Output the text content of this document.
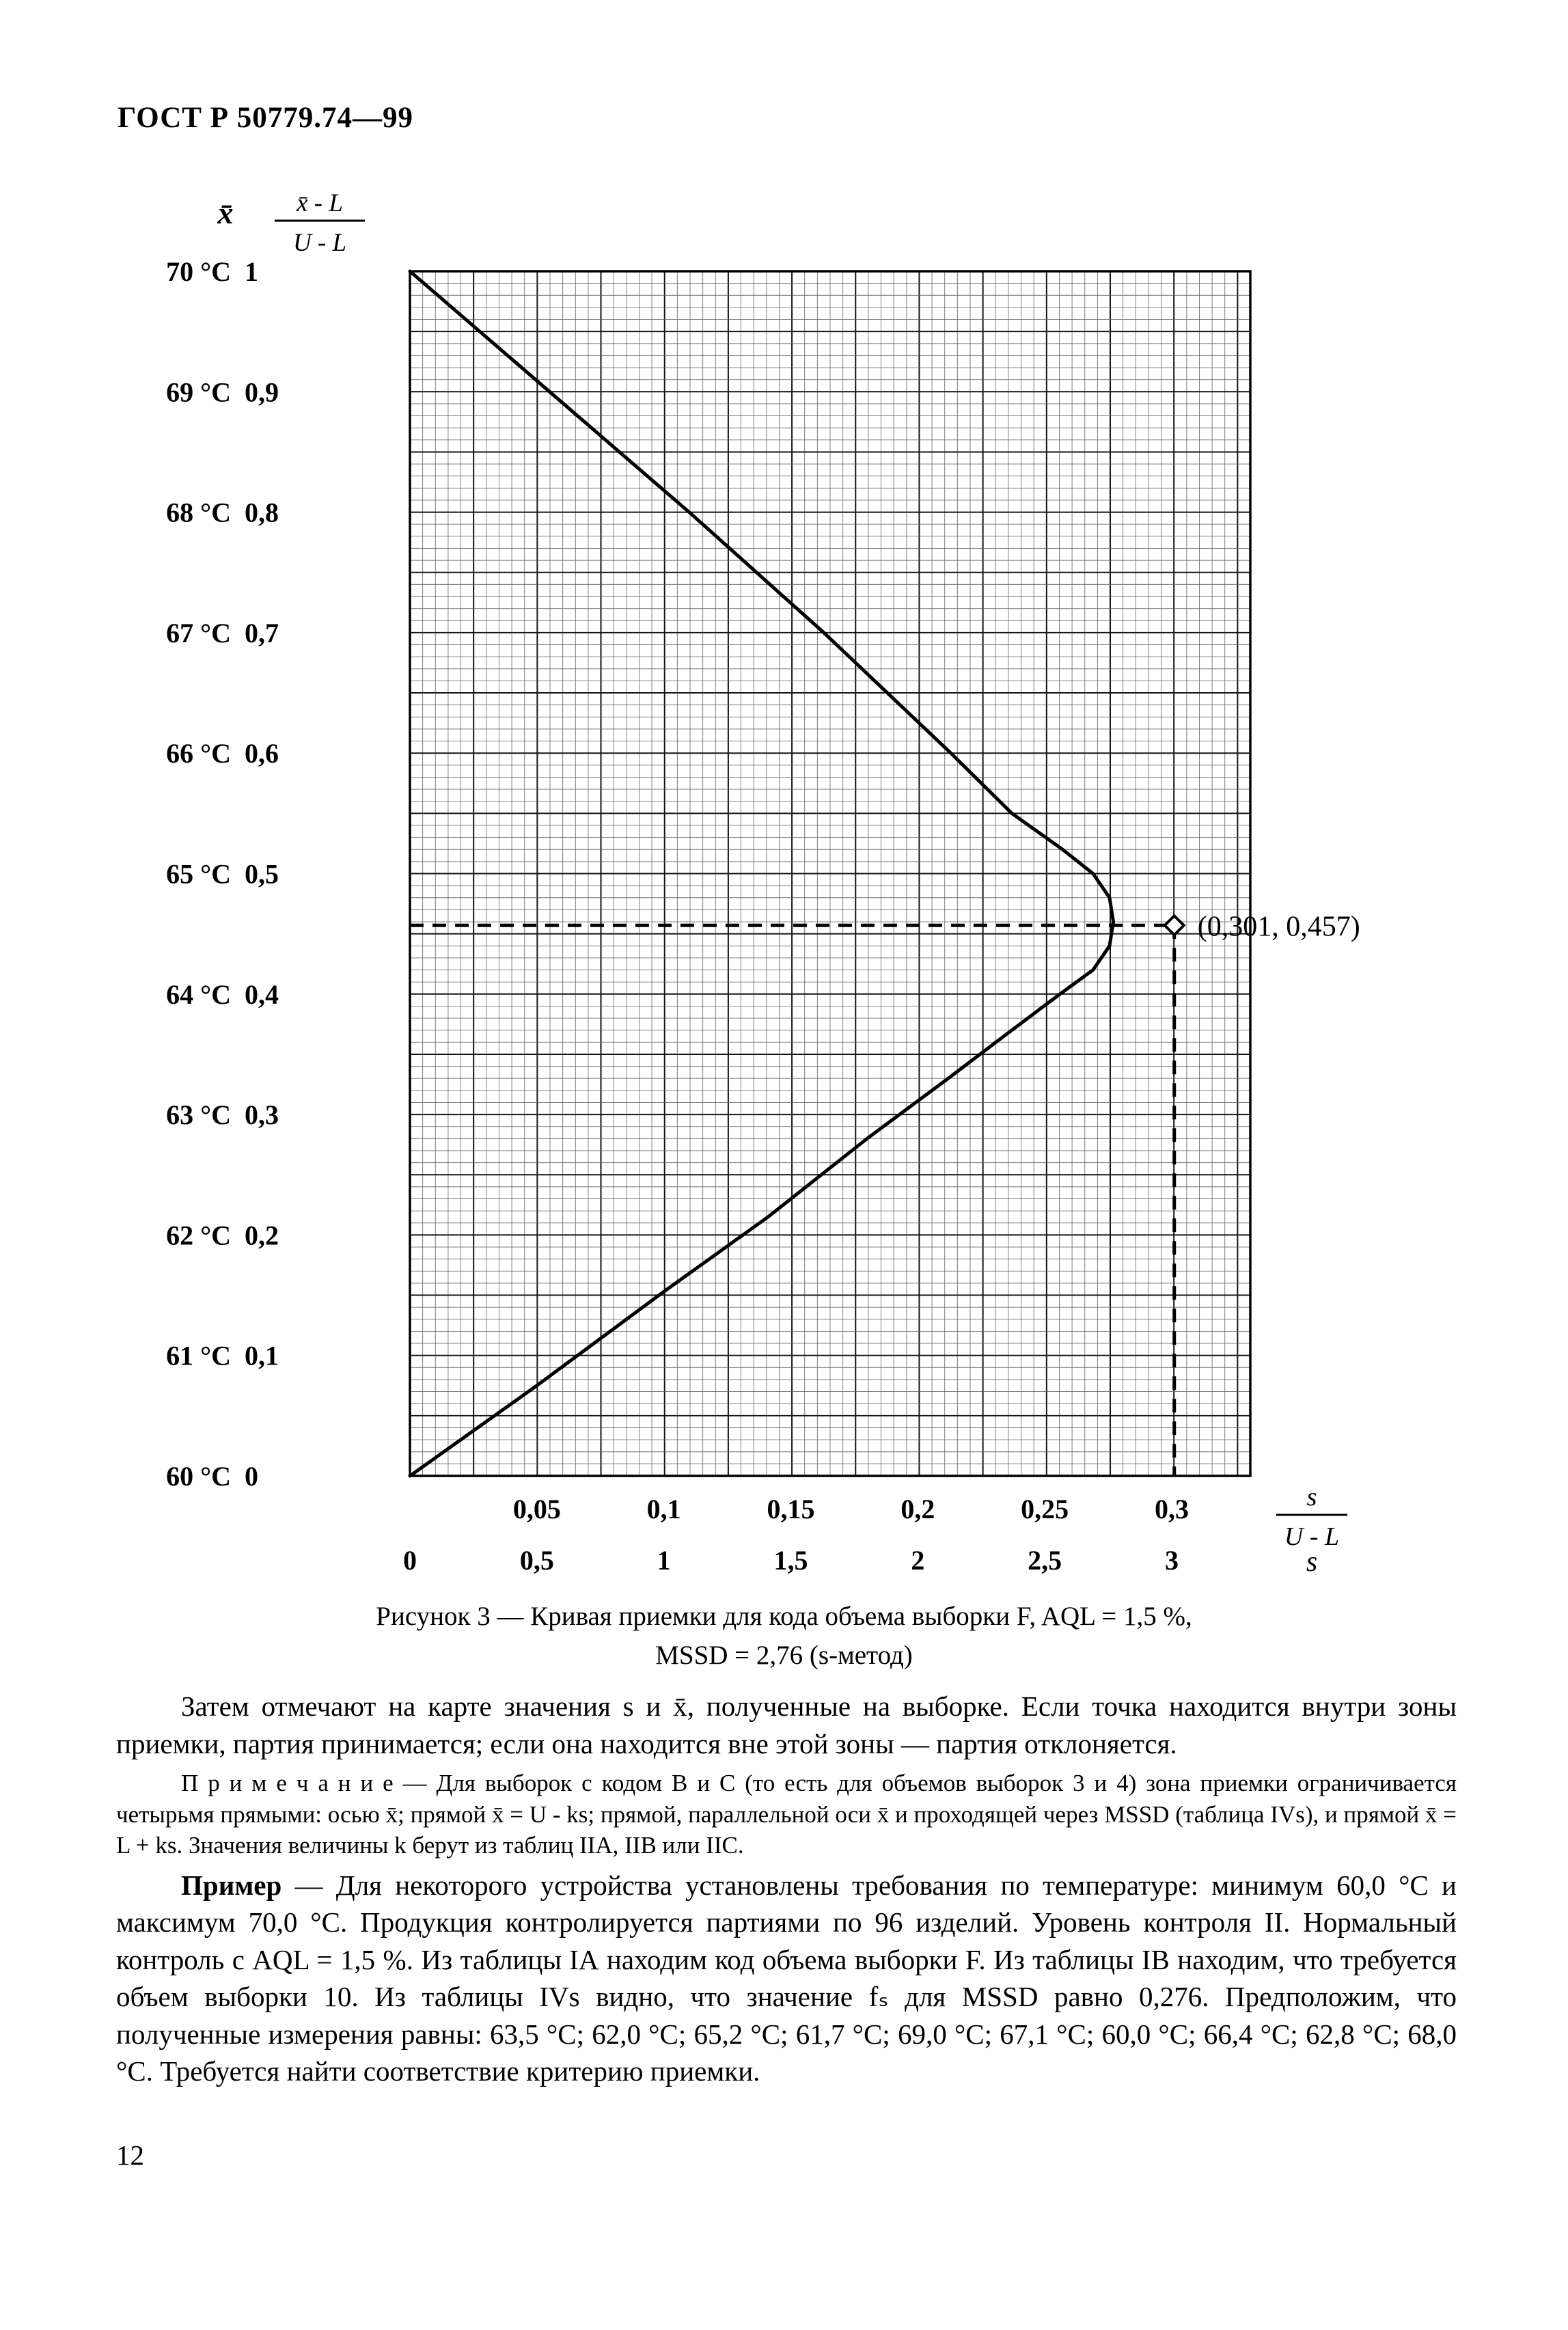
ГОСТ Р 50779.74—99
(0,301, 0,457)
70 °C 1
69 °C 0,9
68 °C 0,8
67 °C 0,7
66 °C 0,6
65 °C 0,5
64 °C 0,4
63 °C 0,3
62 °C 0,2
61 °C 0,1
60 °C 0
x̄	x̄ - L
U - L
0,05	0,1	0,15	0,2	0,25	0,3
0	0,5	1	1,5	2	2,5	3
s
U - L
s
Рисунок 3 — Кривая приемки для кода объема выборки F, AQL = 1,5 %,
MSSD = 2,76 (s-метод)

Затем отмечают на карте значения s и x̄, полученные на выборке. Если точка находится внутри зоны приемки, партия принимается; если она находится вне этой зоны — партия отклоняется.

П р и м е ч а н и е — Для выборок с кодом В и С (то есть для объемов выборок 3 и 4) зона приемки ограничивается четырьмя прямыми: осью x̄; прямой x̄ = U - ks; прямой, параллельной оси x̄ и проходящей через MSSD (таблица IVs), и прямой x̄ = L + ks. Значения величины k берут из таблиц IIА, IIВ или IIС.

Пример — Для некоторого устройства установлены требования по температуре: минимум 60,0 °С и максимум 70,0 °С. Продукция контролируется партиями по 96 изделий. Уровень контроля II. Нормальный контроль с AQL = 1,5 %. Из таблицы IА находим код объема выборки F. Из таблицы IВ находим, что требуется объем выборки 10. Из таблицы IVs видно, что значение fₛ для MSSD равно 0,276. Предположим, что полученные измерения равны: 63,5 °С; 62,0 °С; 65,2 °С; 61,7 °С; 69,0 °С; 67,1 °С; 60,0 °С; 66,4 °С; 62,8 °С; 68,0 °С. Требуется найти соответствие критерию приемки.

12
